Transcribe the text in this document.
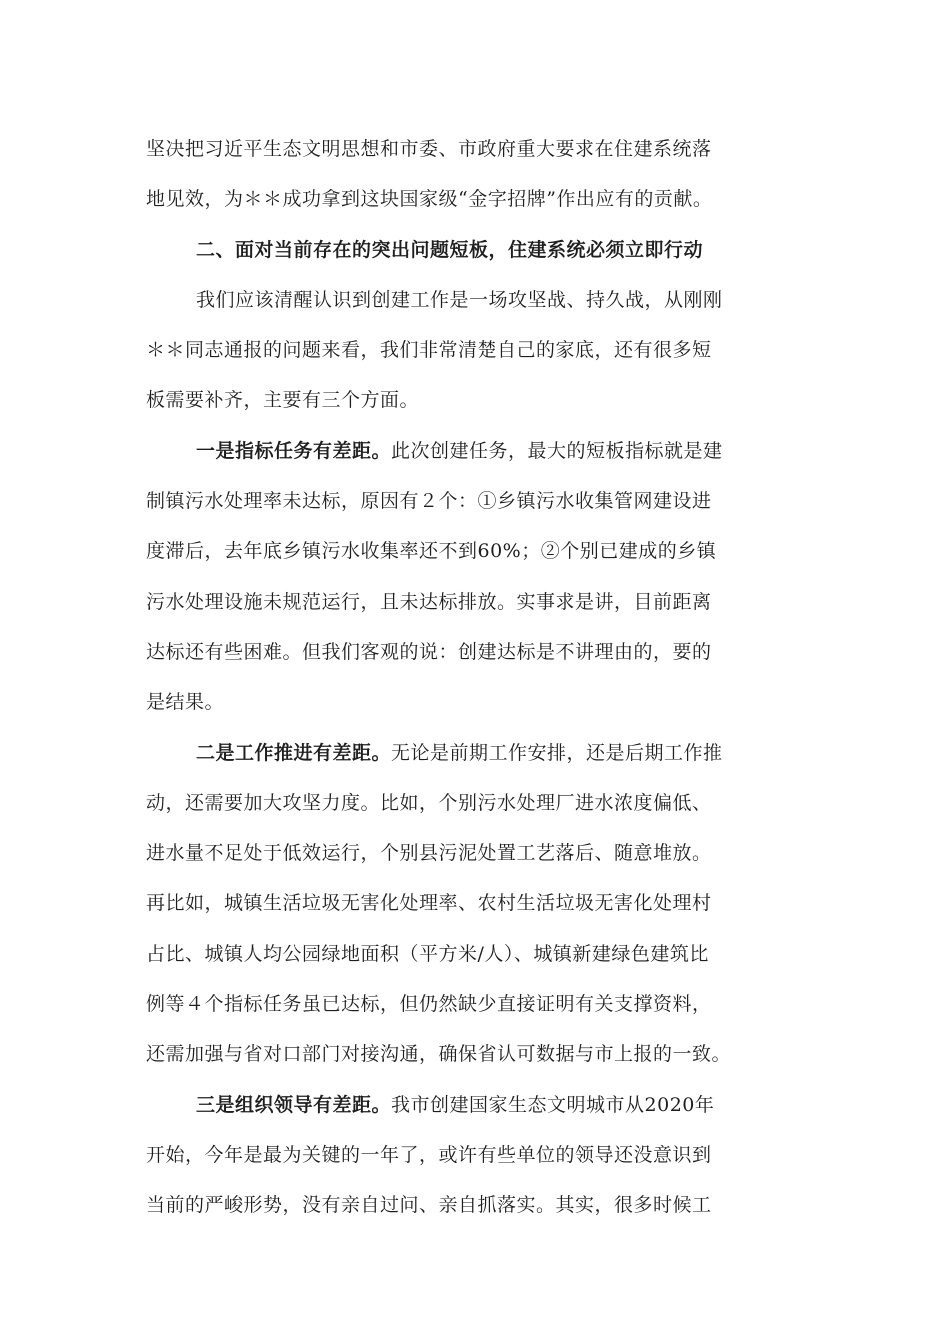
坚决把习近平生态文明思想和市委、市政府重大要求在住建系统落
地见效，为＊＊成功拿到这块国家级“金字招牌”作出应有的贡献。
二、面对当前存在的突出问题短板，住建系统必须立即行动
我们应该清醒认识到创建工作是一场攻坚战、持久战，从刚刚
＊＊同志通报的问题来看，我们非常清楚自己的家底，还有很多短
板需要补齐，主要有三个方面。
一是指标任务有差距。此次创建任务，最大的短板指标就是建
制镇污水处理率未达标，原因有２个：①乡镇污水收集管网建设进
度滞后，去年底乡镇污水收集率还不到60%；②个别已建成的乡镇
污水处理设施未规范运行，且未达标排放。实事求是讲，目前距离
达标还有些困难。但我们客观的说：创建达标是不讲理由的，要的
是结果。
二是工作推进有差距。无论是前期工作安排，还是后期工作推
动，还需要加大攻坚力度。比如，个别污水处理厂进水浓度偏低、
进水量不足处于低效运行，个别县污泥处置工艺落后、随意堆放。
再比如，城镇生活垃圾无害化处理率、农村生活垃圾无害化处理村
占比、城镇人均公园绿地面积（平方米/人）、城镇新建绿色建筑比
例等４个指标任务虽已达标，但仍然缺少直接证明有关支撑资料，
还需加强与省对口部门对接沟通，确保省认可数据与市上报的一致。
三是组织领导有差距。我市创建国家生态文明城市从2020年
开始，今年是最为关键的一年了，或许有些单位的领导还没意识到
当前的严峻形势，没有亲自过问、亲自抓落实。其实，很多时候工
